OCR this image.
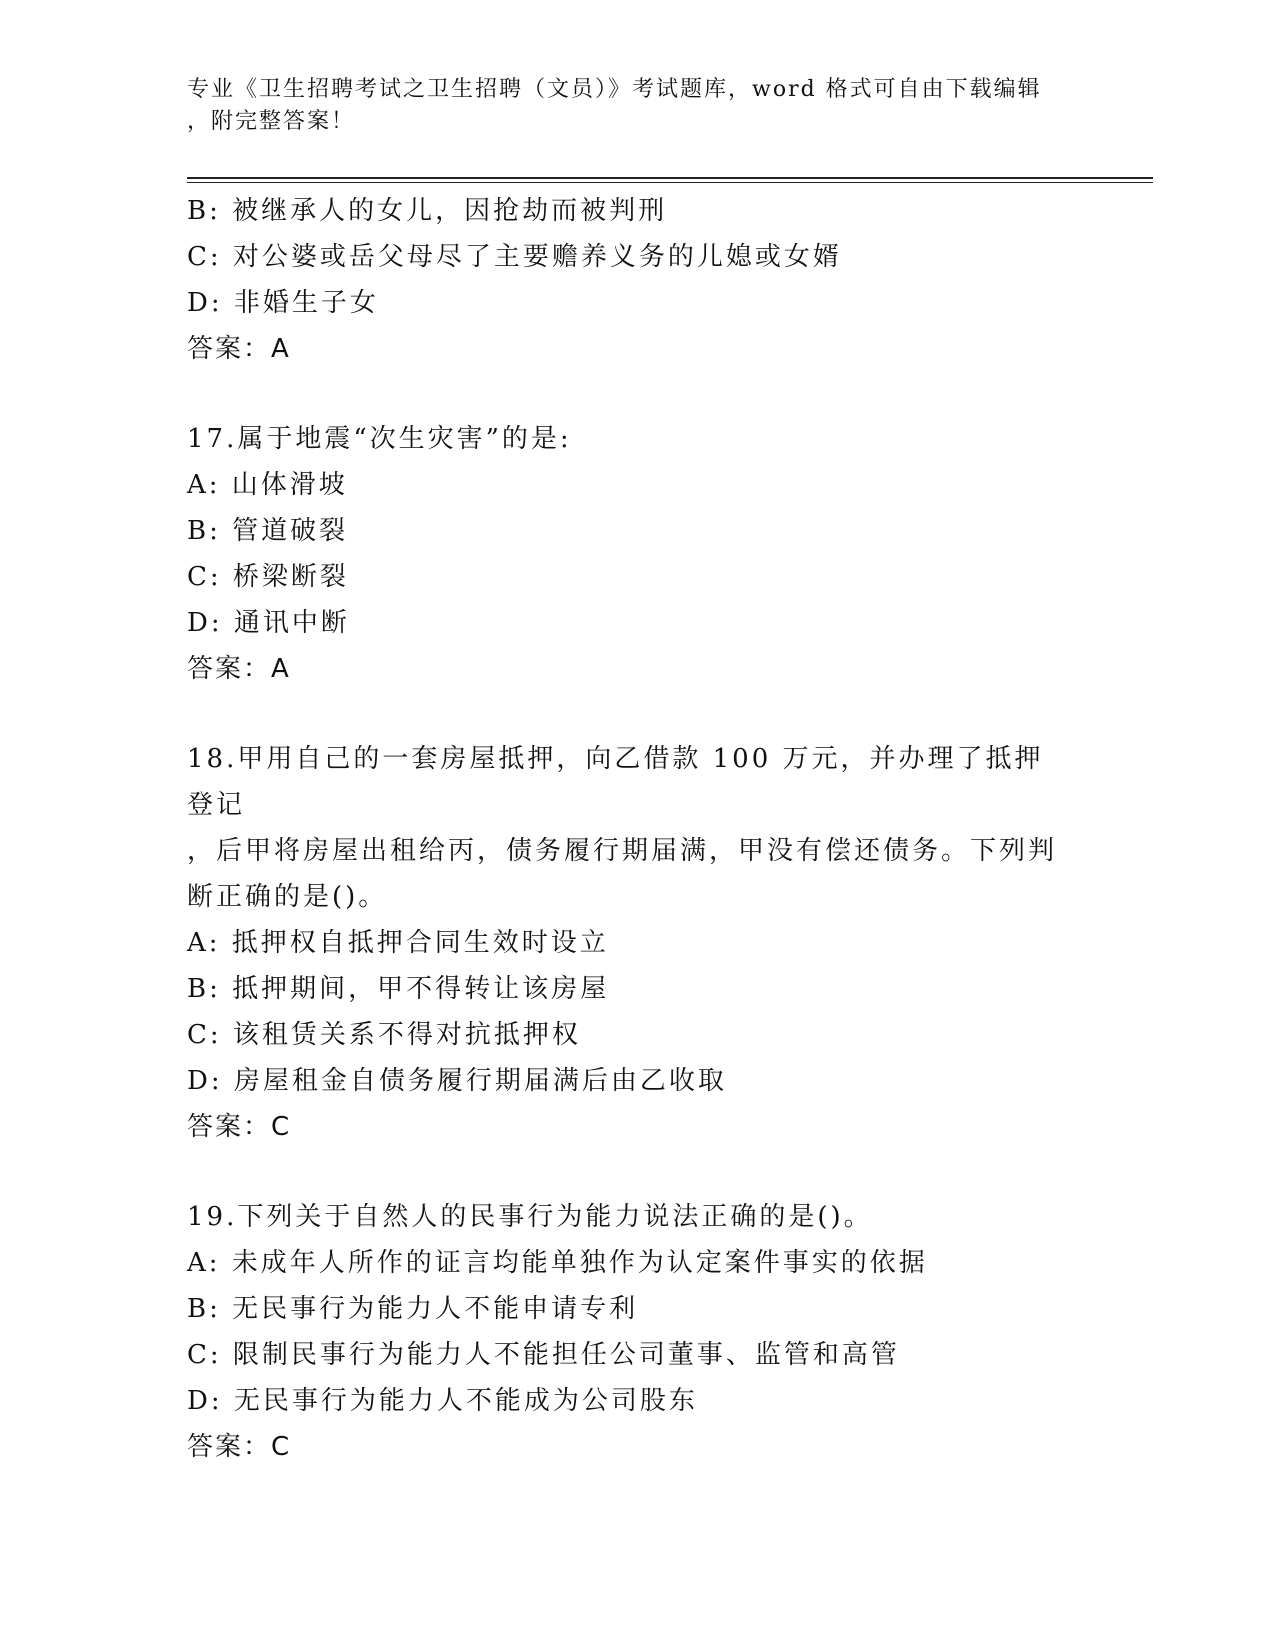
专业《卫生招聘考试之卫生招聘（文员）》考试题库，word 格式可自由下载编辑
，附完整答案！
B: 被继承人的女儿，因抢劫而被判刑
C: 对公婆或岳父母尽了主要赡养义务的儿媳或女婿
D: 非婚生子女
答案：A
17.属于地震“次生灾害”的是:
A: 山体滑坡
B: 管道破裂
C: 桥梁断裂
D: 通讯中断
答案：A
18.甲用自己的一套房屋抵押，向乙借款 100 万元，并办理了抵押登记
，后甲将房屋出租给丙，债务履行期届满，甲没有偿还债务。下列判
断正确的是()。
A: 抵押权自抵押合同生效时设立
B: 抵押期间，甲不得转让该房屋
C: 该租赁关系不得对抗抵押权
D: 房屋租金自债务履行期届满后由乙收取
答案：C
19.下列关于自然人的民事行为能力说法正确的是()。
A: 未成年人所作的证言均能单独作为认定案件事实的依据
B: 无民事行为能力人不能申请专利
C: 限制民事行为能力人不能担任公司董事、监管和高管
D: 无民事行为能力人不能成为公司股东
答案：C
